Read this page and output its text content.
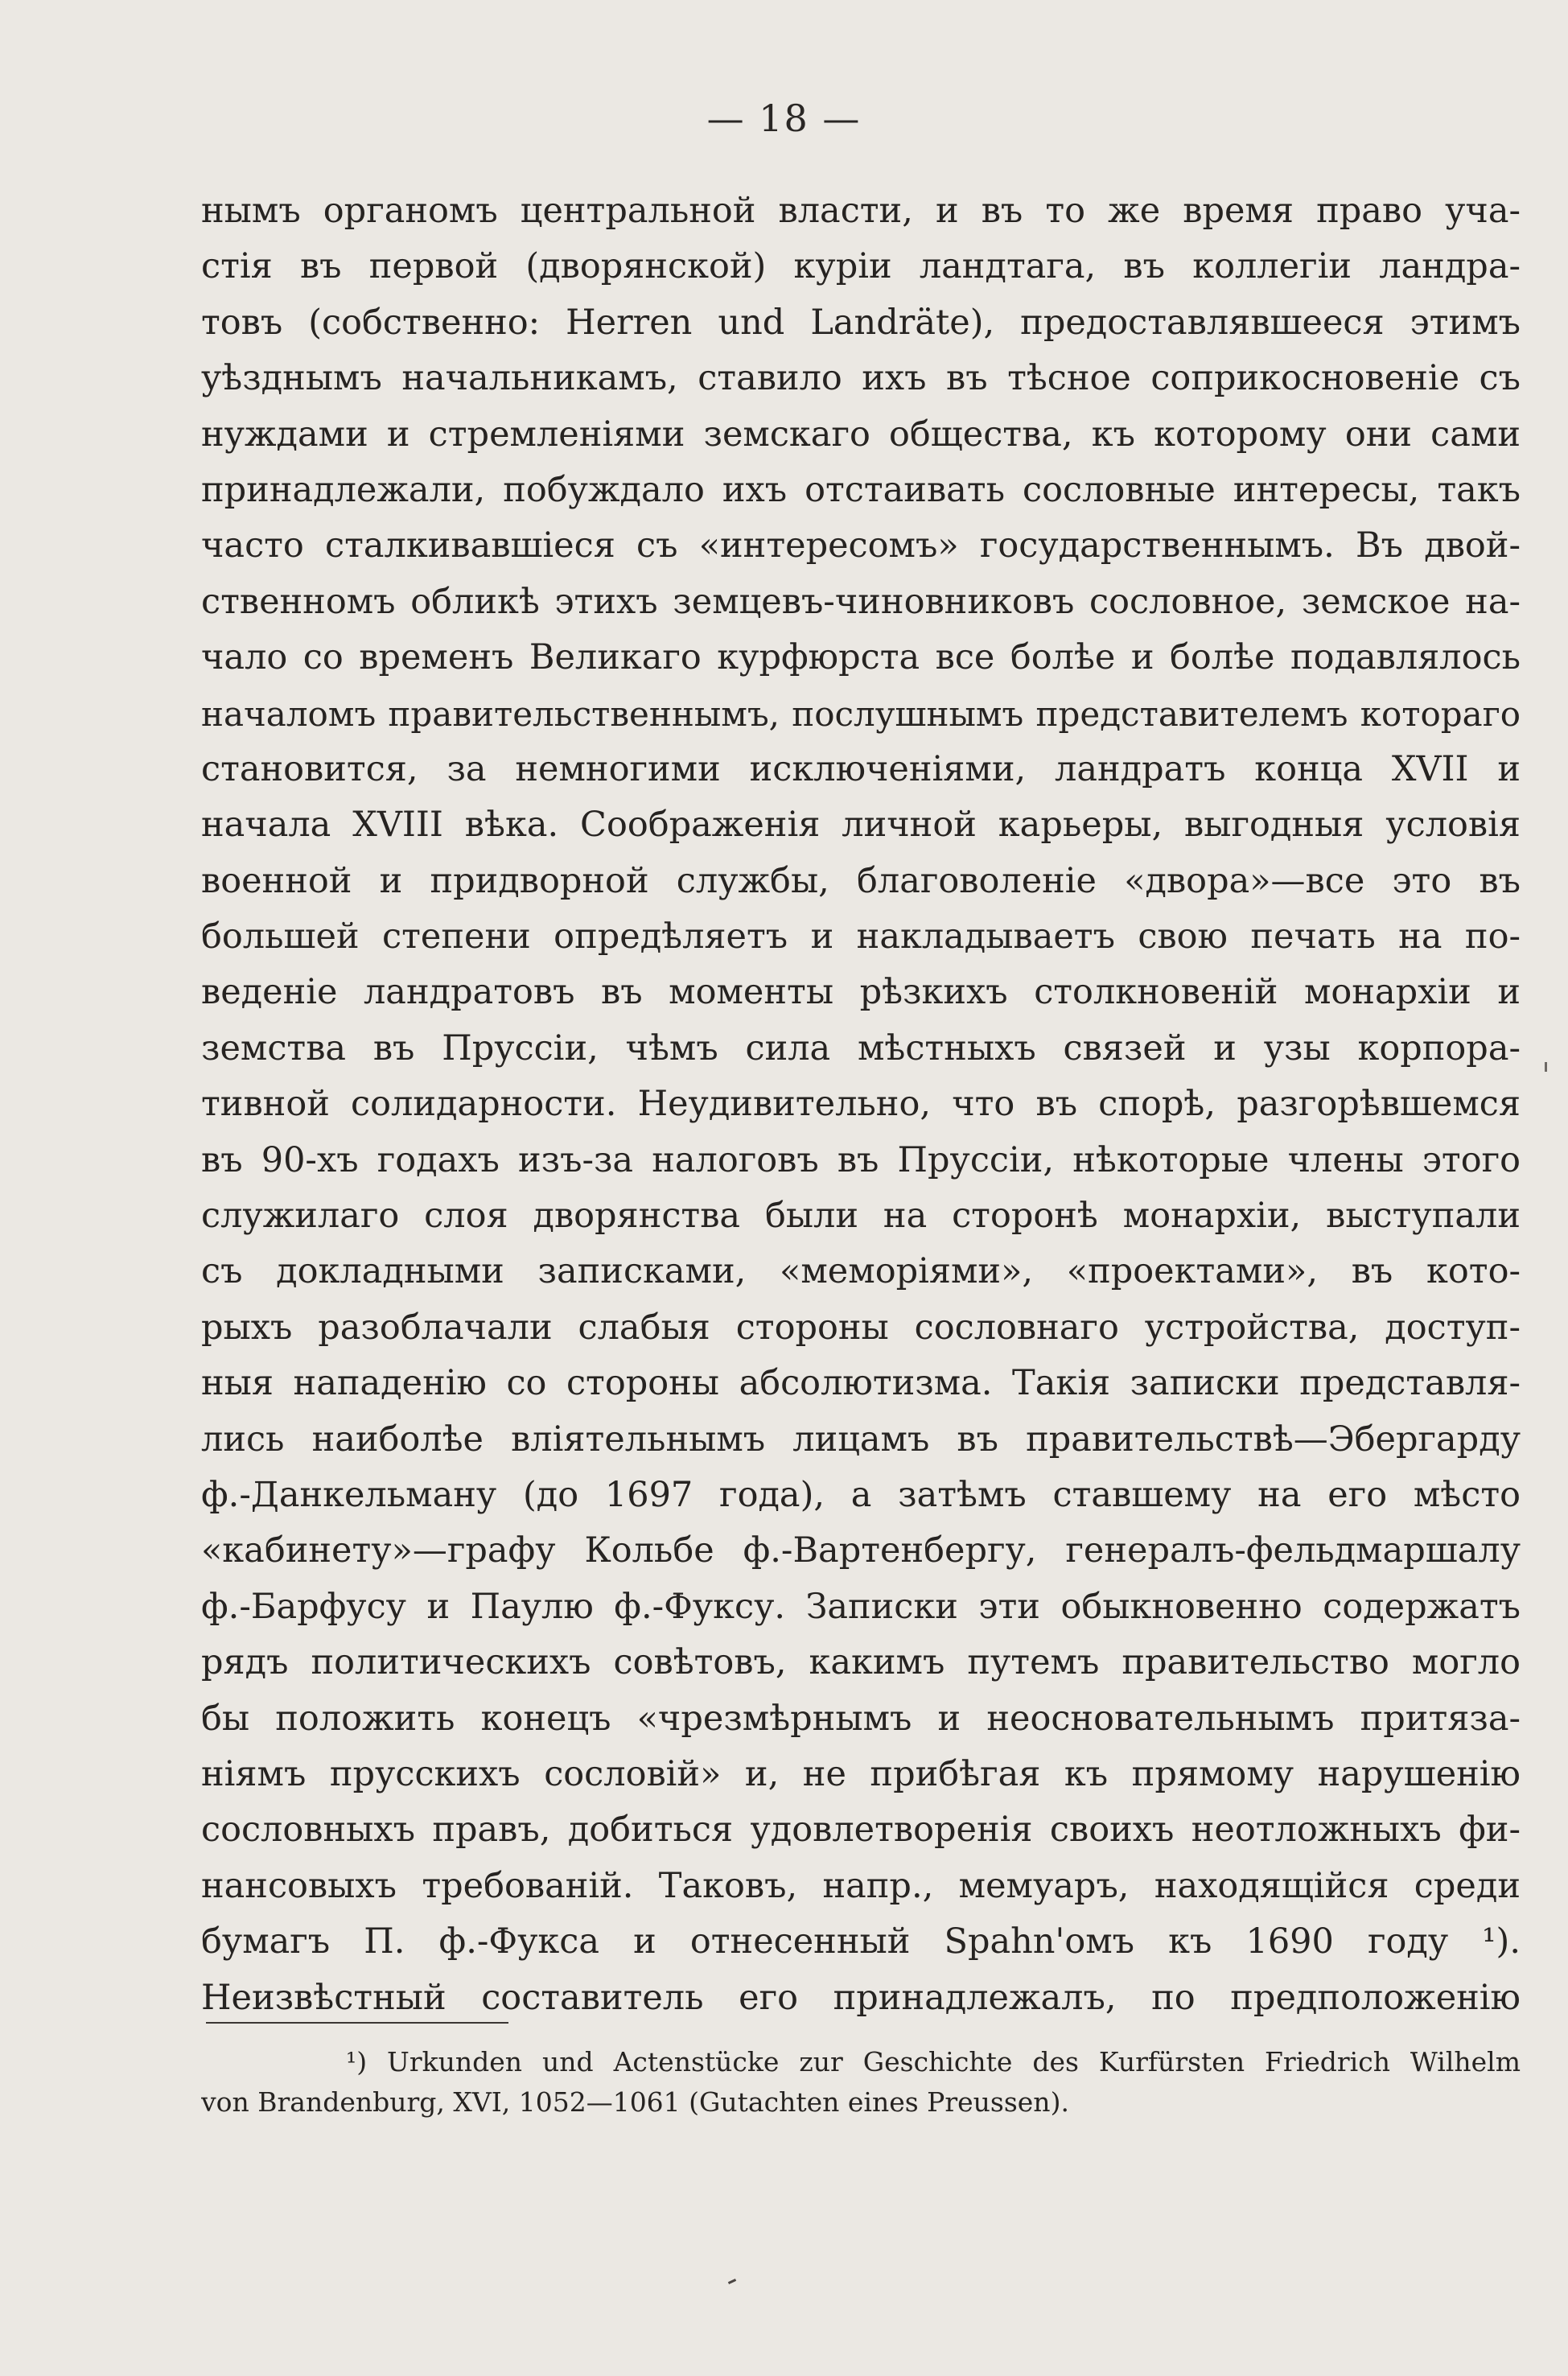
— 18 —
нымъ органомъ центральной власти, и въ то же время право уча-
стія въ первой (дворянской) куріи ландтага, въ коллегіи ландра-
товъ (собственно: Herren und Landräte), предоставлявшееся этимъ
уѣзднымъ начальникамъ, ставило ихъ въ тѣсное соприкосновеніе съ
нуждами и стремленіями земскаго общества, къ которому они сами
принадлежали, побуждало ихъ отстаивать сословные интересы, такъ
часто сталкивавшіеся съ «интересомъ» государственнымъ. Въ двой-
ственномъ обликѣ этихъ земцевъ-чиновниковъ сословное, земское на-
чало со временъ Великаго курфюрста все болѣе и болѣе подавлялось
началомъ правительственнымъ, послушнымъ представителемъ котораго
становится, за немногими исключеніями, ландратъ конца XVII и
начала XVIII вѣка. Соображенія личной карьеры, выгодныя условія
военной и придворной службы, благоволеніе «двора»—все это въ
большей степени опредѣляетъ и накладываетъ свою печать на по-
веденіе ландратовъ въ моменты рѣзкихъ столкновеній монархіи и
земства въ Пруссіи, чѣмъ сила мѣстныхъ связей и узы корпора-
тивной солидарности. Неудивительно, что въ спорѣ, разгорѣвшемся
въ 90-хъ годахъ изъ-за налоговъ въ Пруссіи, нѣкоторые члены этого
служилаго слоя дворянства были на сторонѣ монархіи, выступали
съ докладными записками, «меморіями», «проектами», въ кото-
рыхъ разоблачали слабыя стороны сословнаго устройства, доступ-
ныя нападенію со стороны абсолютизма. Такія записки представля-
лись наиболѣе вліятельнымъ лицамъ въ правительствѣ—Эбергарду
ф.-Данкельману (до 1697 года), а затѣмъ ставшему на его мѣсто
«кабинету»—графу Кольбе ф.-Вартенбергу, генералъ-фельдмаршалу
ф.-Барфусу и Паулю ф.-Фуксу. Записки эти обыкновенно содержатъ
рядъ политическихъ совѣтовъ, какимъ путемъ правительство могло
бы положить конецъ «чрезмѣрнымъ и неосновательнымъ притяза-
ніямъ прусскихъ сословій» и, не прибѣгая къ прямому нарушенію
сословныхъ правъ, добиться удовлетворенія своихъ неотложныхъ фи-
нансовыхъ требованій. Таковъ, напр., мемуаръ, находящійся среди
бумагъ П. ф.-Фукса и отнесенный Spahn'омъ къ 1690 году ¹).
Неизвѣстный составитель его принадлежалъ, по предположенію
¹) Urkunden und Actenstücke zur Geschichte des Kurfürsten Friedrich Wilhelm
von Brandenburg, XVI, 1052—1061 (Gutachten eines Preussen).
